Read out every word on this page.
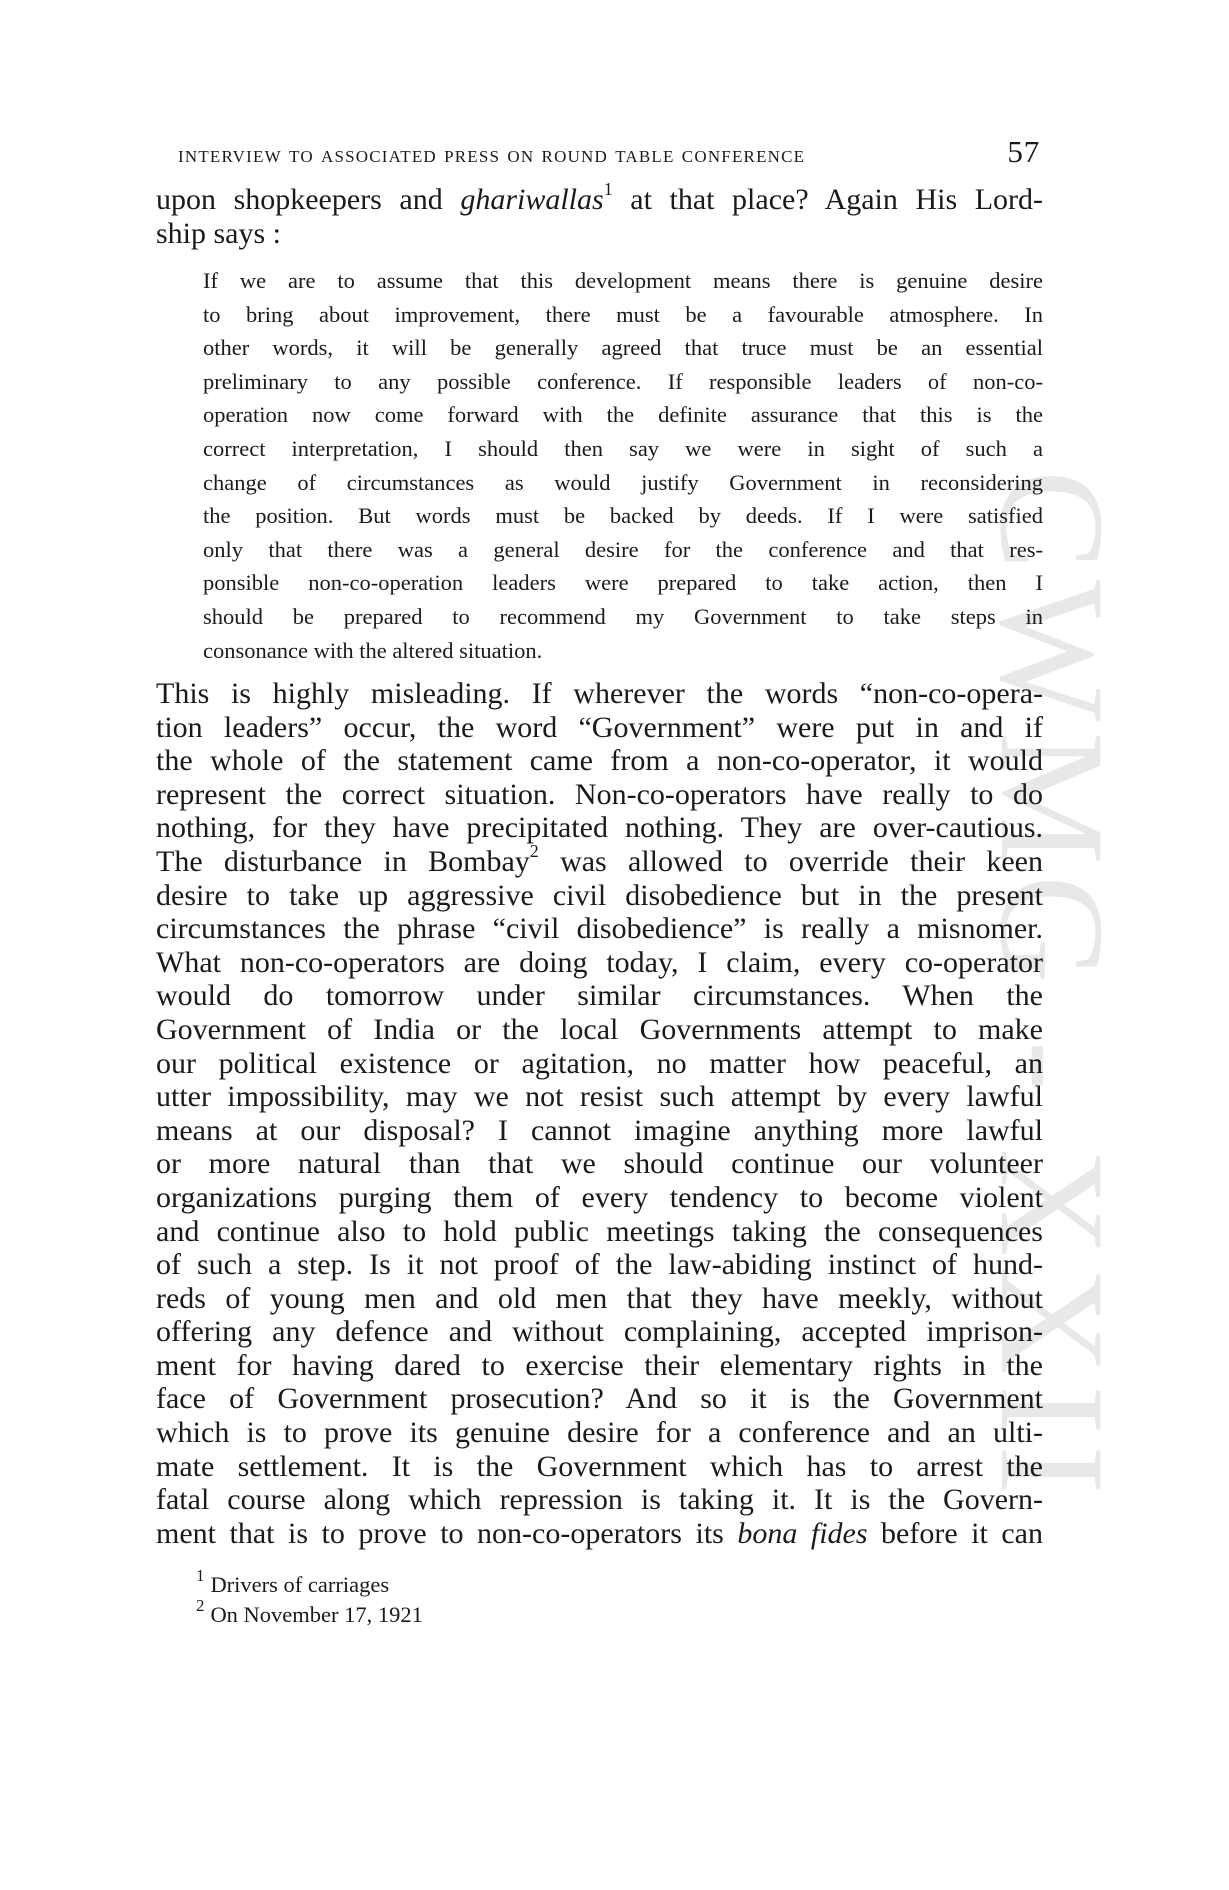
CWMG - XXII
interview to associated press on round table conference	57
upon shopkeepers and ghariwallas$^1$ at that place? Again His Lord-
ship says :
If we are to assume that this development means there is genuine desire
to bring about improvement, there must be a favourable atmosphere. In
other words, it will be generally agreed that truce must be an essential
preliminary to any possible conference. If responsible leaders of non-co-
operation now come forward with the definite assurance that this is the
correct interpretation, I should then say we were in sight of such a
change of circumstances as would justify Government in reconsidering
the position. But words must be backed by deeds. If I were satisfied
only that there was a general desire for the conference and that res-
ponsible non-co-operation leaders were prepared to take action, then I
should be prepared to recommend my Government to take steps in
consonance with the altered situation.
This is highly misleading. If wherever the words “non-co-opera-
tion leaders” occur, the word “Government” were put in and if
the whole of the statement came from a non-co-operator, it would
represent the correct situation. Non-co-operators have really to do
nothing, for they have precipitated nothing. They are over-cautious.
The disturbance in Bombay$^2$ was allowed to override their keen
desire to take up aggressive civil disobedience but in the present
circumstances the phrase “civil disobedience” is really a misnomer.
What non-co-operators are doing today, I claim, every co-operator
would do tomorrow under similar circumstances. When the
Government of India or the local Governments attempt to make
our political existence or agitation, no matter how peaceful, an
utter impossibility, may we not resist such attempt by every lawful
means at our disposal? I cannot imagine anything more lawful
or more natural than that we should continue our volunteer
organizations purging them of every tendency to become violent
and continue also to hold public meetings taking the consequences
of such a step. Is it not proof of the law-abiding instinct of hund-
reds of young men and old men that they have meekly, without
offering any defence and without complaining, accepted imprison-
ment for having dared to exercise their elementary rights in the
face of Government prosecution? And so it is the Government
which is to prove its genuine desire for a conference and an ulti-
mate settlement. It is the Government which has to arrest the
fatal course along which repression is taking it. It is the Govern-
ment that is to prove to non-co-operators its bona fides before it can
$^1$ Drivers of carriages
$^2$ On November 17, 1921
